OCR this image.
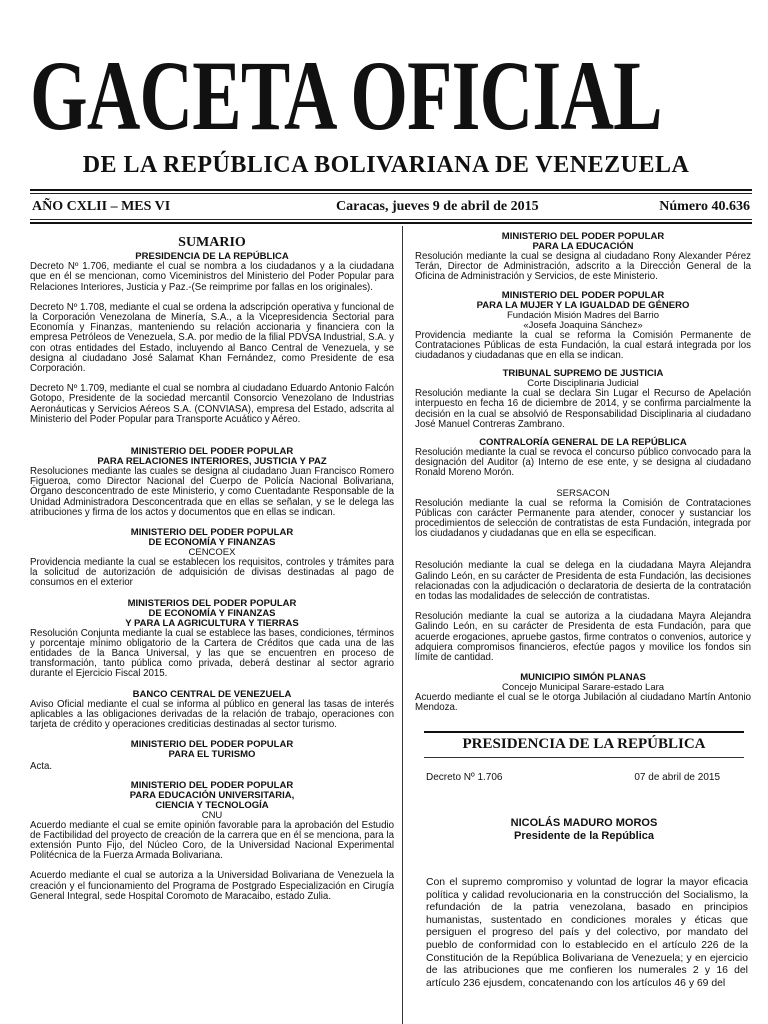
GACETA OFICIAL
DE LA REPÚBLICA BOLIVARIANA DE VENEZUELA
AÑO CXLII – MES VI	Caracas, jueves 9 de abril de 2015	Número 40.636
SUMARIO
PRESIDENCIA DE LA REPÚBLICA
Decreto Nº 1.706, mediante el cual se nombra a los ciudadanos y a la ciudadana que en él se mencionan, como Viceministros del Ministerio del Poder Popular para Relaciones Interiores, Justicia y Paz.-(Se reimprime por fallas en los originales).
Decreto Nº 1.708, mediante el cual se ordena la adscripción operativa y funcional de la Corporación Venezolana de Minería, S.A., a la Vicepresidencia Sectorial para Economía y Finanzas, manteniendo su relación accionaria y financiera con la empresa Petróleos de Venezuela, S.A. por medio de la filial PDVSA Industrial, S.A. y con otras entidades del Estado, incluyendo al Banco Central de Venezuela, y se designa al ciudadano José Salamat Khan Fernández, como Presidente de esa Corporación.
Decreto Nº 1.709, mediante el cual se nombra al ciudadano Eduardo Antonio Falcón Gotopo, Presidente de la sociedad mercantil Consorcio Venezolano de Industrias Aeronáuticas y Servicios Aéreos S.A. (CONVIASA), empresa del Estado, adscrita al Ministerio del Poder Popular para Transporte Acuático y Aéreo.
MINISTERIO DEL PODER POPULAR
PARA RELACIONES INTERIORES, JUSTICIA Y PAZ
Resoluciones mediante las cuales se designa al ciudadano Juan Francisco Romero Figueroa, como Director Nacional del Cuerpo de Policía Nacional Bolivariana, Órgano desconcentrado de este Ministerio, y como Cuentadante Responsable de la Unidad Administradora Desconcentrada que en ellas se señalan, y se le delega las atribuciones y firma de los actos y documentos que en ellas se indican.
MINISTERIO DEL PODER POPULAR
DE ECONOMÍA Y FINANZAS
CENCOEX
Providencia mediante la cual se establecen los requisitos, controles y trámites para la solicitud de autorización de adquisición de divisas destinadas al pago de consumos en el exterior
MINISTERIOS DEL PODER POPULAR
DE ECONOMÍA Y FINANZAS
Y PARA LA AGRICULTURA Y TIERRAS
Resolución Conjunta mediante la cual se establece las bases, condiciones, términos y porcentaje mínimo obligatorio de la Cartera de Créditos que cada una de las entidades de la Banca Universal, y las que se encuentren en proceso de transformación, tanto pública como privada, deberá destinar al sector agrario durante el Ejercicio Fiscal 2015.
BANCO CENTRAL DE VENEZUELA
Aviso Oficial mediante el cual se informa al público en general las tasas de interés aplicables a las obligaciones derivadas de la relación de trabajo, operaciones con tarjeta de crédito y operaciones crediticias destinadas al sector turismo.
MINISTERIO DEL PODER POPULAR
PARA EL TURISMO
Acta.
MINISTERIO DEL PODER POPULAR
PARA EDUCACIÓN UNIVERSITARIA,
CIENCIA Y TECNOLOGÍA
CNU
Acuerdo mediante el cual se emite opinión favorable para la aprobación del Estudio de Factibilidad del proyecto de creación de la carrera que en él se menciona, para la extensión Punto Fijo, del Núcleo Coro, de la Universidad Nacional Experimental Politécnica de la Fuerza Armada Bolivariana.
Acuerdo mediante el cual se autoriza a la Universidad Bolivariana de Venezuela la creación y el funcionamiento del Programa de Postgrado Especialización en Cirugía General Integral, sede Hospital Coromoto de Maracaibo, estado Zulia.
MINISTERIO DEL PODER POPULAR
PARA LA EDUCACIÓN
Resolución mediante la cual se designa al ciudadano Rony Alexander Pérez Terán, Director de Administración, adscrito a la Dirección General de la Oficina de Administración y Servicios, de este Ministerio.
MINISTERIO DEL PODER POPULAR
PARA LA MUJER Y LA IGUALDAD DE GÉNERO
Fundación Misión Madres del Barrio
«Josefa Joaquina Sánchez»
Providencia mediante la cual se reforma la Comisión Permanente de Contrataciones Públicas de esta Fundación, la cual estará integrada por los ciudadanos y ciudadanas que en ella se indican.
TRIBUNAL SUPREMO DE JUSTICIA
Corte Disciplinaria Judicial
Resolución mediante la cual se declara Sin Lugar el Recurso de Apelación interpuesto en fecha 16 de diciembre de 2014, y se confirma parcialmente la decisión en la cual se absolvió de Responsabilidad Disciplinaria al ciudadano José Manuel Contreras Zambrano.
CONTRALORÍA GENERAL DE LA REPÚBLICA
Resolución mediante la cual se revoca el concurso público convocado para la designación del Auditor (a) Interno de ese ente, y se designa al ciudadano Ronald Moreno Morón.
SERSACON
Resolución mediante la cual se reforma la Comisión de Contrataciones Públicas con carácter Permanente para atender, conocer y sustanciar los procedimientos de selección de contratistas de esta Fundación, integrada por los ciudadanos y ciudadanas que en ella se especifican.
Resolución mediante la cual se delega en la ciudadana Mayra Alejandra Galindo León, en su carácter de Presidenta de esta Fundación, las decisiones relacionadas con la adjudicación o declaratoria de desierta de la contratación en todas las modalidades de selección de contratistas.
Resolución mediante la cual se autoriza a la ciudadana Mayra Alejandra Galindo León, en su carácter de Presidenta de esta Fundación, para que acuerde erogaciones, apruebe gastos, firme contratos o convenios, autorice y adquiera compromisos financieros, efectúe pagos y movilice los fondos sin límite de cantidad.
MUNICIPIO SIMÓN PLANAS
Concejo Municipal Sarare-estado Lara
Acuerdo mediante el cual se le otorga Jubilación al ciudadano Martín Antonio Mendoza.
PRESIDENCIA DE LA REPÚBLICA
Decreto Nº 1.706	07 de abril de 2015
NICOLÁS MADURO MOROS
Presidente de la República
Con el supremo compromiso y voluntad de lograr la mayor eficacia política y calidad revolucionaria en la construcción del Socialismo, la refundación de la patria venezolana, basado en principios humanistas, sustentado en condiciones morales y éticas que persiguen el progreso del país y del colectivo, por mandato del pueblo de conformidad con lo establecido en el artículo 226 de la Constitución de la República Bolivariana de Venezuela; y en ejercicio de las atribuciones que me confieren los numerales 2 y 16 del artículo 236 ejusdem, concatenando con los artículos 46 y 69 del
